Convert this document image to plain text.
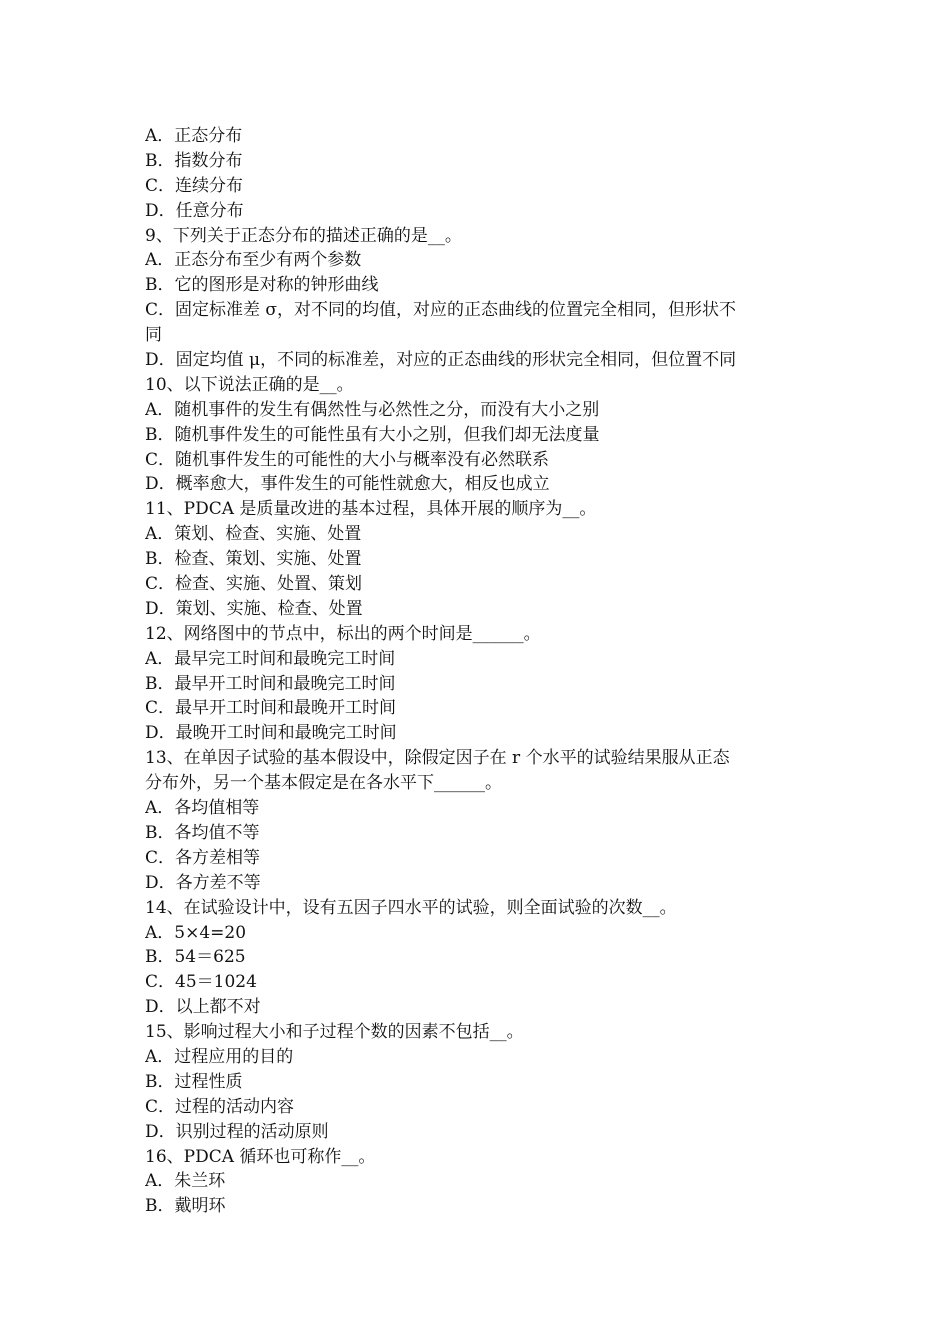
A．正态分布
B．指数分布
C．连续分布
D．任意分布
9、下列关于正态分布的描述正确的是__。
A．正态分布至少有两个参数
B．它的图形是对称的钟形曲线
C．固定标准差 σ，对不同的均值，对应的正态曲线的位置完全相同，但形状不
同
D．固定均值 μ，不同的标准差，对应的正态曲线的形状完全相同，但位置不同
10、以下说法正确的是__。
A．随机事件的发生有偶然性与必然性之分，而没有大小之别
B．随机事件发生的可能性虽有大小之别，但我们却无法度量
C．随机事件发生的可能性的大小与概率没有必然联系
D．概率愈大，事件发生的可能性就愈大，相反也成立
11、PDCA 是质量改进的基本过程，具体开展的顺序为__。
A．策划、检查、实施、处置
B．检查、策划、实施、处置
C．检查、实施、处置、策划
D．策划、实施、检查、处置
12、网络图中的节点中，标出的两个时间是______。
A．最早完工时间和最晚完工时间
B．最早开工时间和最晚完工时间
C．最早开工时间和最晚开工时间
D．最晚开工时间和最晚完工时间
13、在单因子试验的基本假设中，除假定因子在 r 个水平的试验结果服从正态
分布外，另一个基本假定是在各水平下______。
A．各均值相等
B．各均值不等
C．各方差相等
D．各方差不等
14、在试验设计中，设有五因子四水平的试验，则全面试验的次数__。
A．5×4=20
B．54＝625
C．45＝1024
D．以上都不对
15、影响过程大小和子过程个数的因素不包括__。
A．过程应用的目的
B．过程性质
C．过程的活动内容
D．识别过程的活动原则
16、PDCA 循环也可称作__。
A．朱兰环
B．戴明环
